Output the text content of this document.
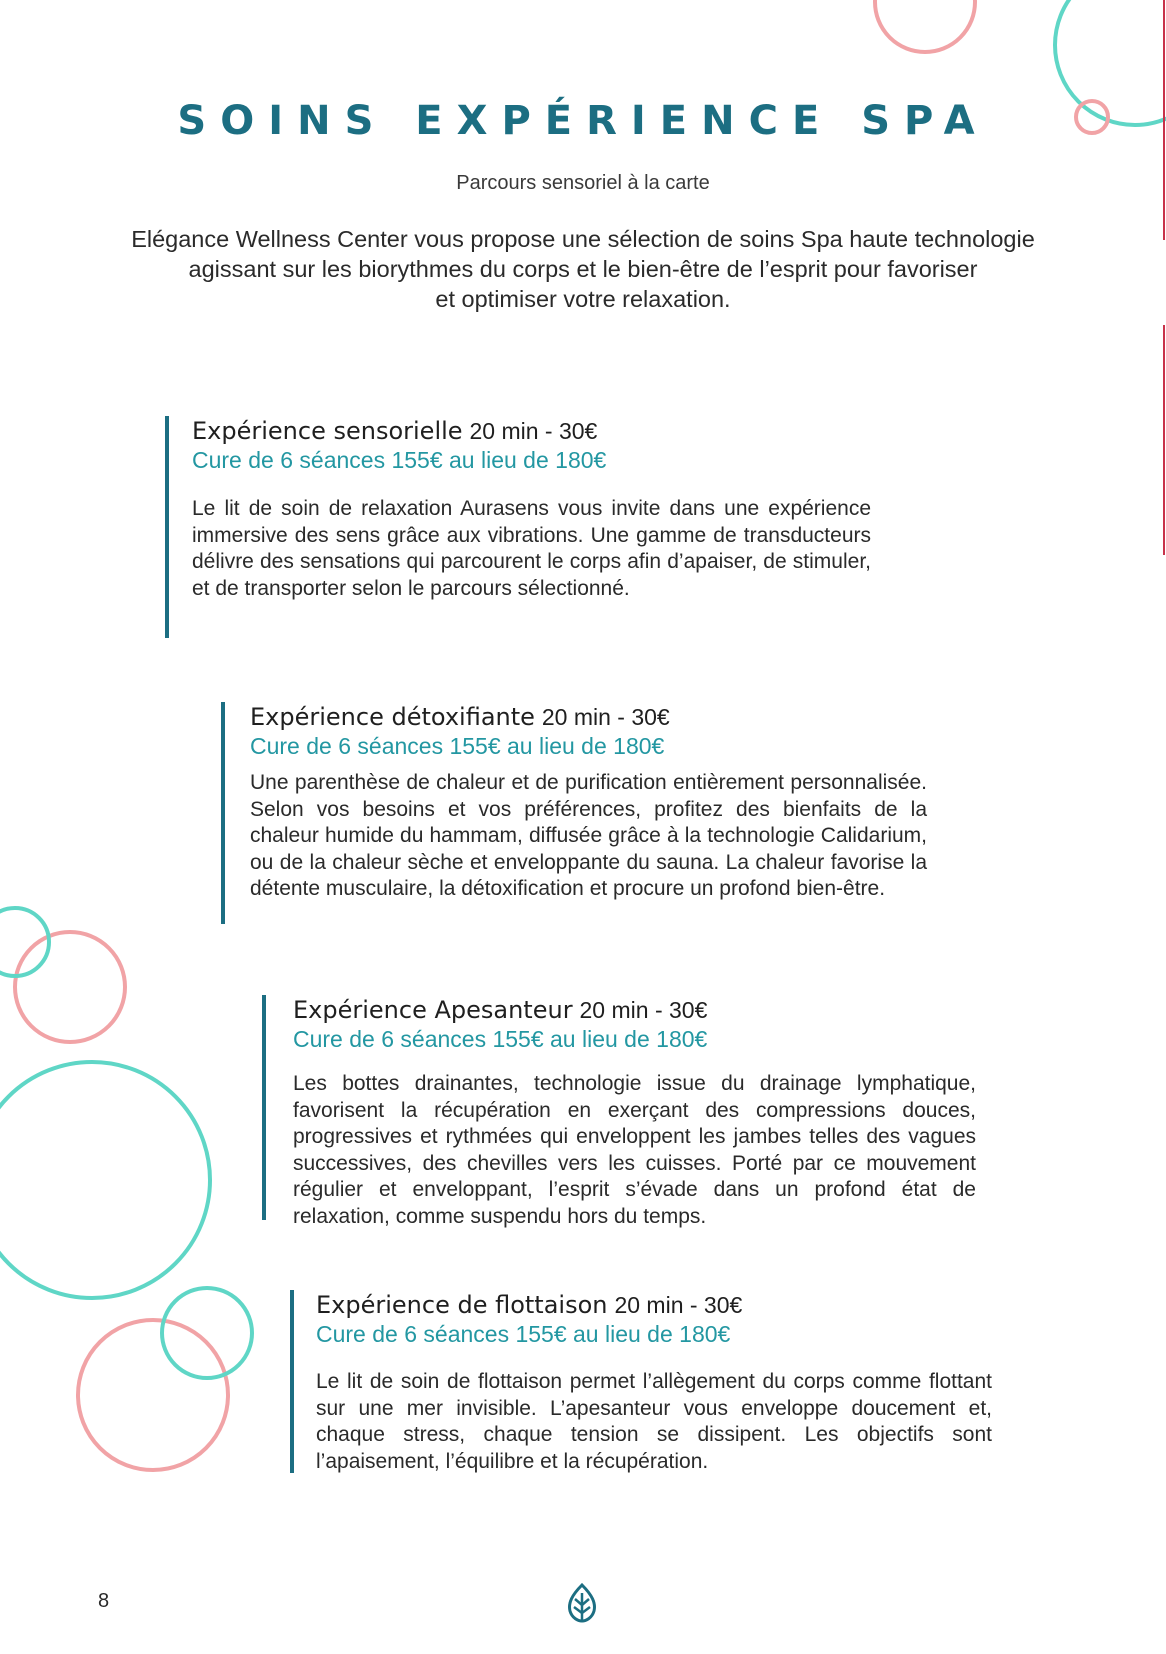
SOINS EXPÉRIENCE SPA
Parcours sensoriel à la carte
Elégance Wellness Center vous propose une sélection de soins Spa haute technologie
agissant sur les biorythmes du corps et le bien-être de l’esprit pour favoriser
et optimiser votre relaxation.
Expérience sensorielle 20 min - 30€
Cure de 6 séances 155€ au lieu de 180€
Le lit de soin de relaxation Aurasens vous invite dans une expérience immersive des sens grâce aux vibrations. Une gamme de transducteurs délivre des sensations qui parcourent le corps afin d’apaiser, de stimuler, et de transporter selon le parcours sélectionné.
Expérience détoxifiante 20 min - 30€
Cure de 6 séances 155€ au lieu de 180€
Une parenthèse de chaleur et de purification entièrement personnalisée. Selon vos besoins et vos préférences, profitez des bienfaits de la chaleur humide du hammam, diffusée grâce à la technologie Calidarium, ou de la chaleur sèche et enveloppante du sauna. La chaleur favorise la détente musculaire, la détoxification et procure un profond bien-être.
Expérience Apesanteur 20 min - 30€
Cure de 6 séances 155€ au lieu de 180€
Les bottes drainantes, technologie issue du drainage lymphatique, favorisent la récupération en exerçant des compressions douces, progressives et rythmées qui enveloppent les jambes telles des vagues successives, des chevilles vers les cuisses. Porté par ce mouvement régulier et enveloppant, l’esprit s’évade dans un profond état de relaxation, comme suspendu hors du temps.
Expérience de flottaison 20 min - 30€
Cure de 6 séances 155€ au lieu de 180€
Le lit de soin de flottaison permet l’allègement du corps comme flottant sur une mer invisible. L’apesanteur vous enveloppe doucement et, chaque stress, chaque tension se dissipent. Les objectifs sont l’apaisement, l’équilibre et la récupération.
8
